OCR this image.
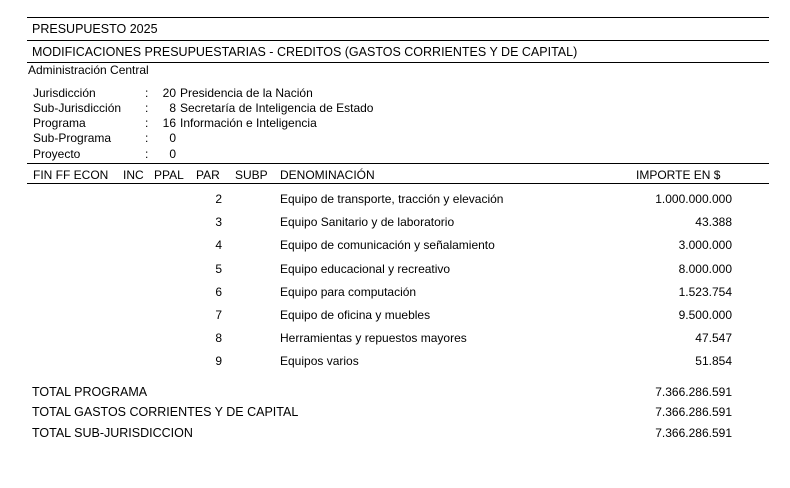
PRESUPUESTO 2025
MODIFICACIONES PRESUPUESTARIAS - CREDITOS (GASTOS CORRIENTES Y DE CAPITAL)
Administración Central
Jurisdicción	:	20 Presidencia de la Nación
Sub-Jurisdicción :	8 Secretaría de Inteligencia de Estado
Programa	:	16 Información e Inteligencia
Sub-Programa	:	0
Proyecto	:	0
FIN FF ECON INC PPAL PAR SUBP DENOMINACIÓN	IMPORTE EN $
2	Equipo de transporte, tracción y elevación	1.000.000.000
3	Equipo Sanitario y de laboratorio	43.388
4	Equipo de comunicación y señalamiento	3.000.000
5	Equipo educacional y recreativo	8.000.000
6	Equipo para computación	1.523.754
7	Equipo de oficina y muebles	9.500.000
8	Herramientas y repuestos mayores	47.547
9	Equipos varios	51.854
TOTAL PROGRAMA	7.366.286.591
TOTAL GASTOS CORRIENTES Y DE CAPITAL	7.366.286.591
TOTAL SUB-JURISDICCION	7.366.286.591
